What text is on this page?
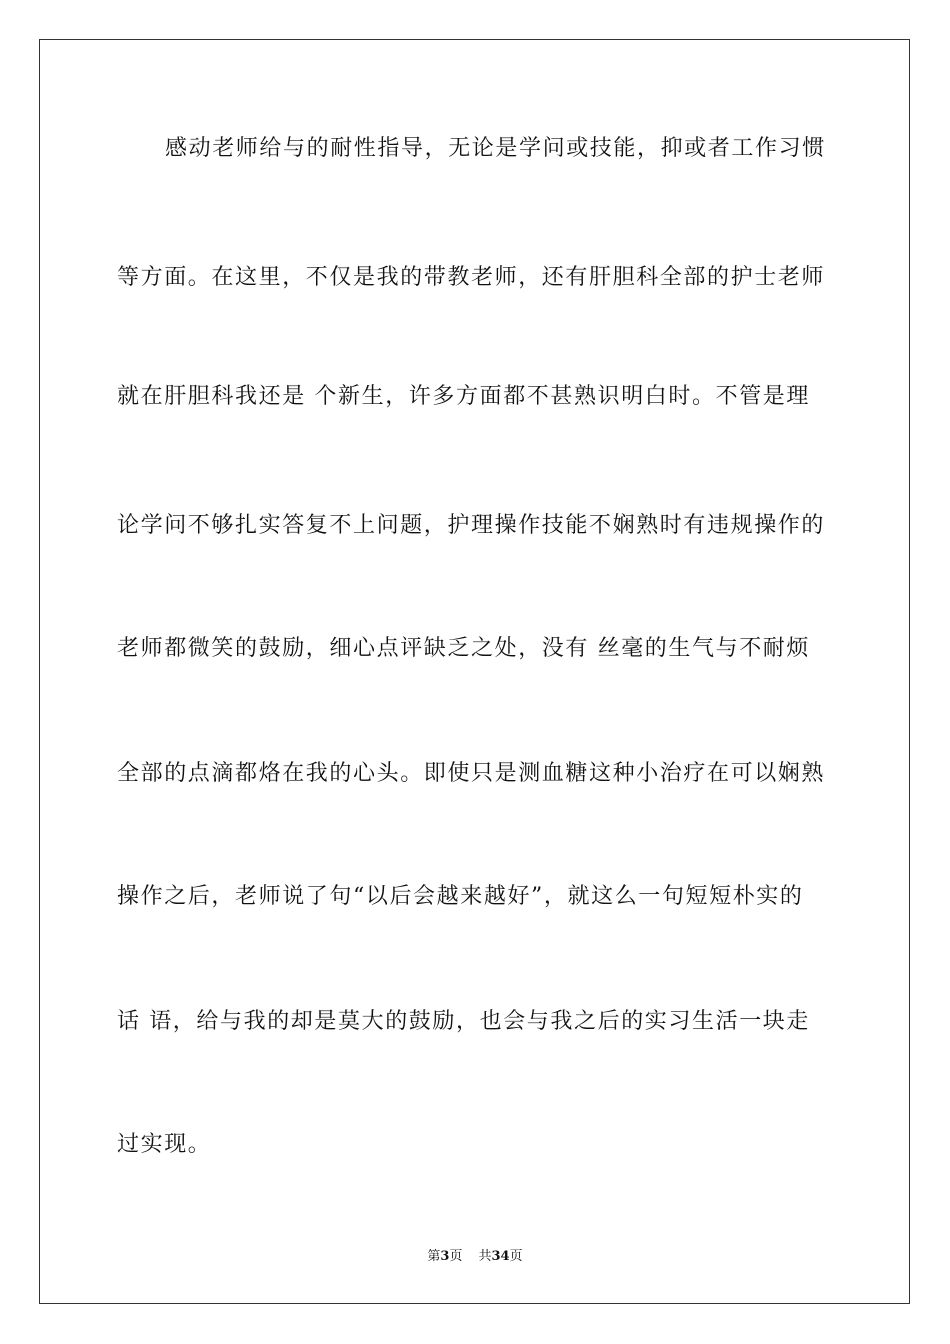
感动老师给与的耐性指导，无论是学问或技能，抑或者工作习惯
等方面。在这里，不仅是我的带教老师，还有肝胆科全部的护士老师
就在肝胆科我还是 个新生，许多方面都不甚熟识明白时。不管是理
论学问不够扎实答复不上问题，护理操作技能不娴熟时有违规操作的
老师都微笑的鼓励，细心点评缺乏之处，没有 丝毫的生气与不耐烦
全部的点滴都烙在我的心头。即使只是测血糖这种小治疗在可以娴熟
操作之后，老师说了句“以后会越来越好”，就这么一句短短朴实的
话 语，给与我的却是莫大的鼓励，也会与我之后的实习生活一块走
过实现。
第3页 共34页
